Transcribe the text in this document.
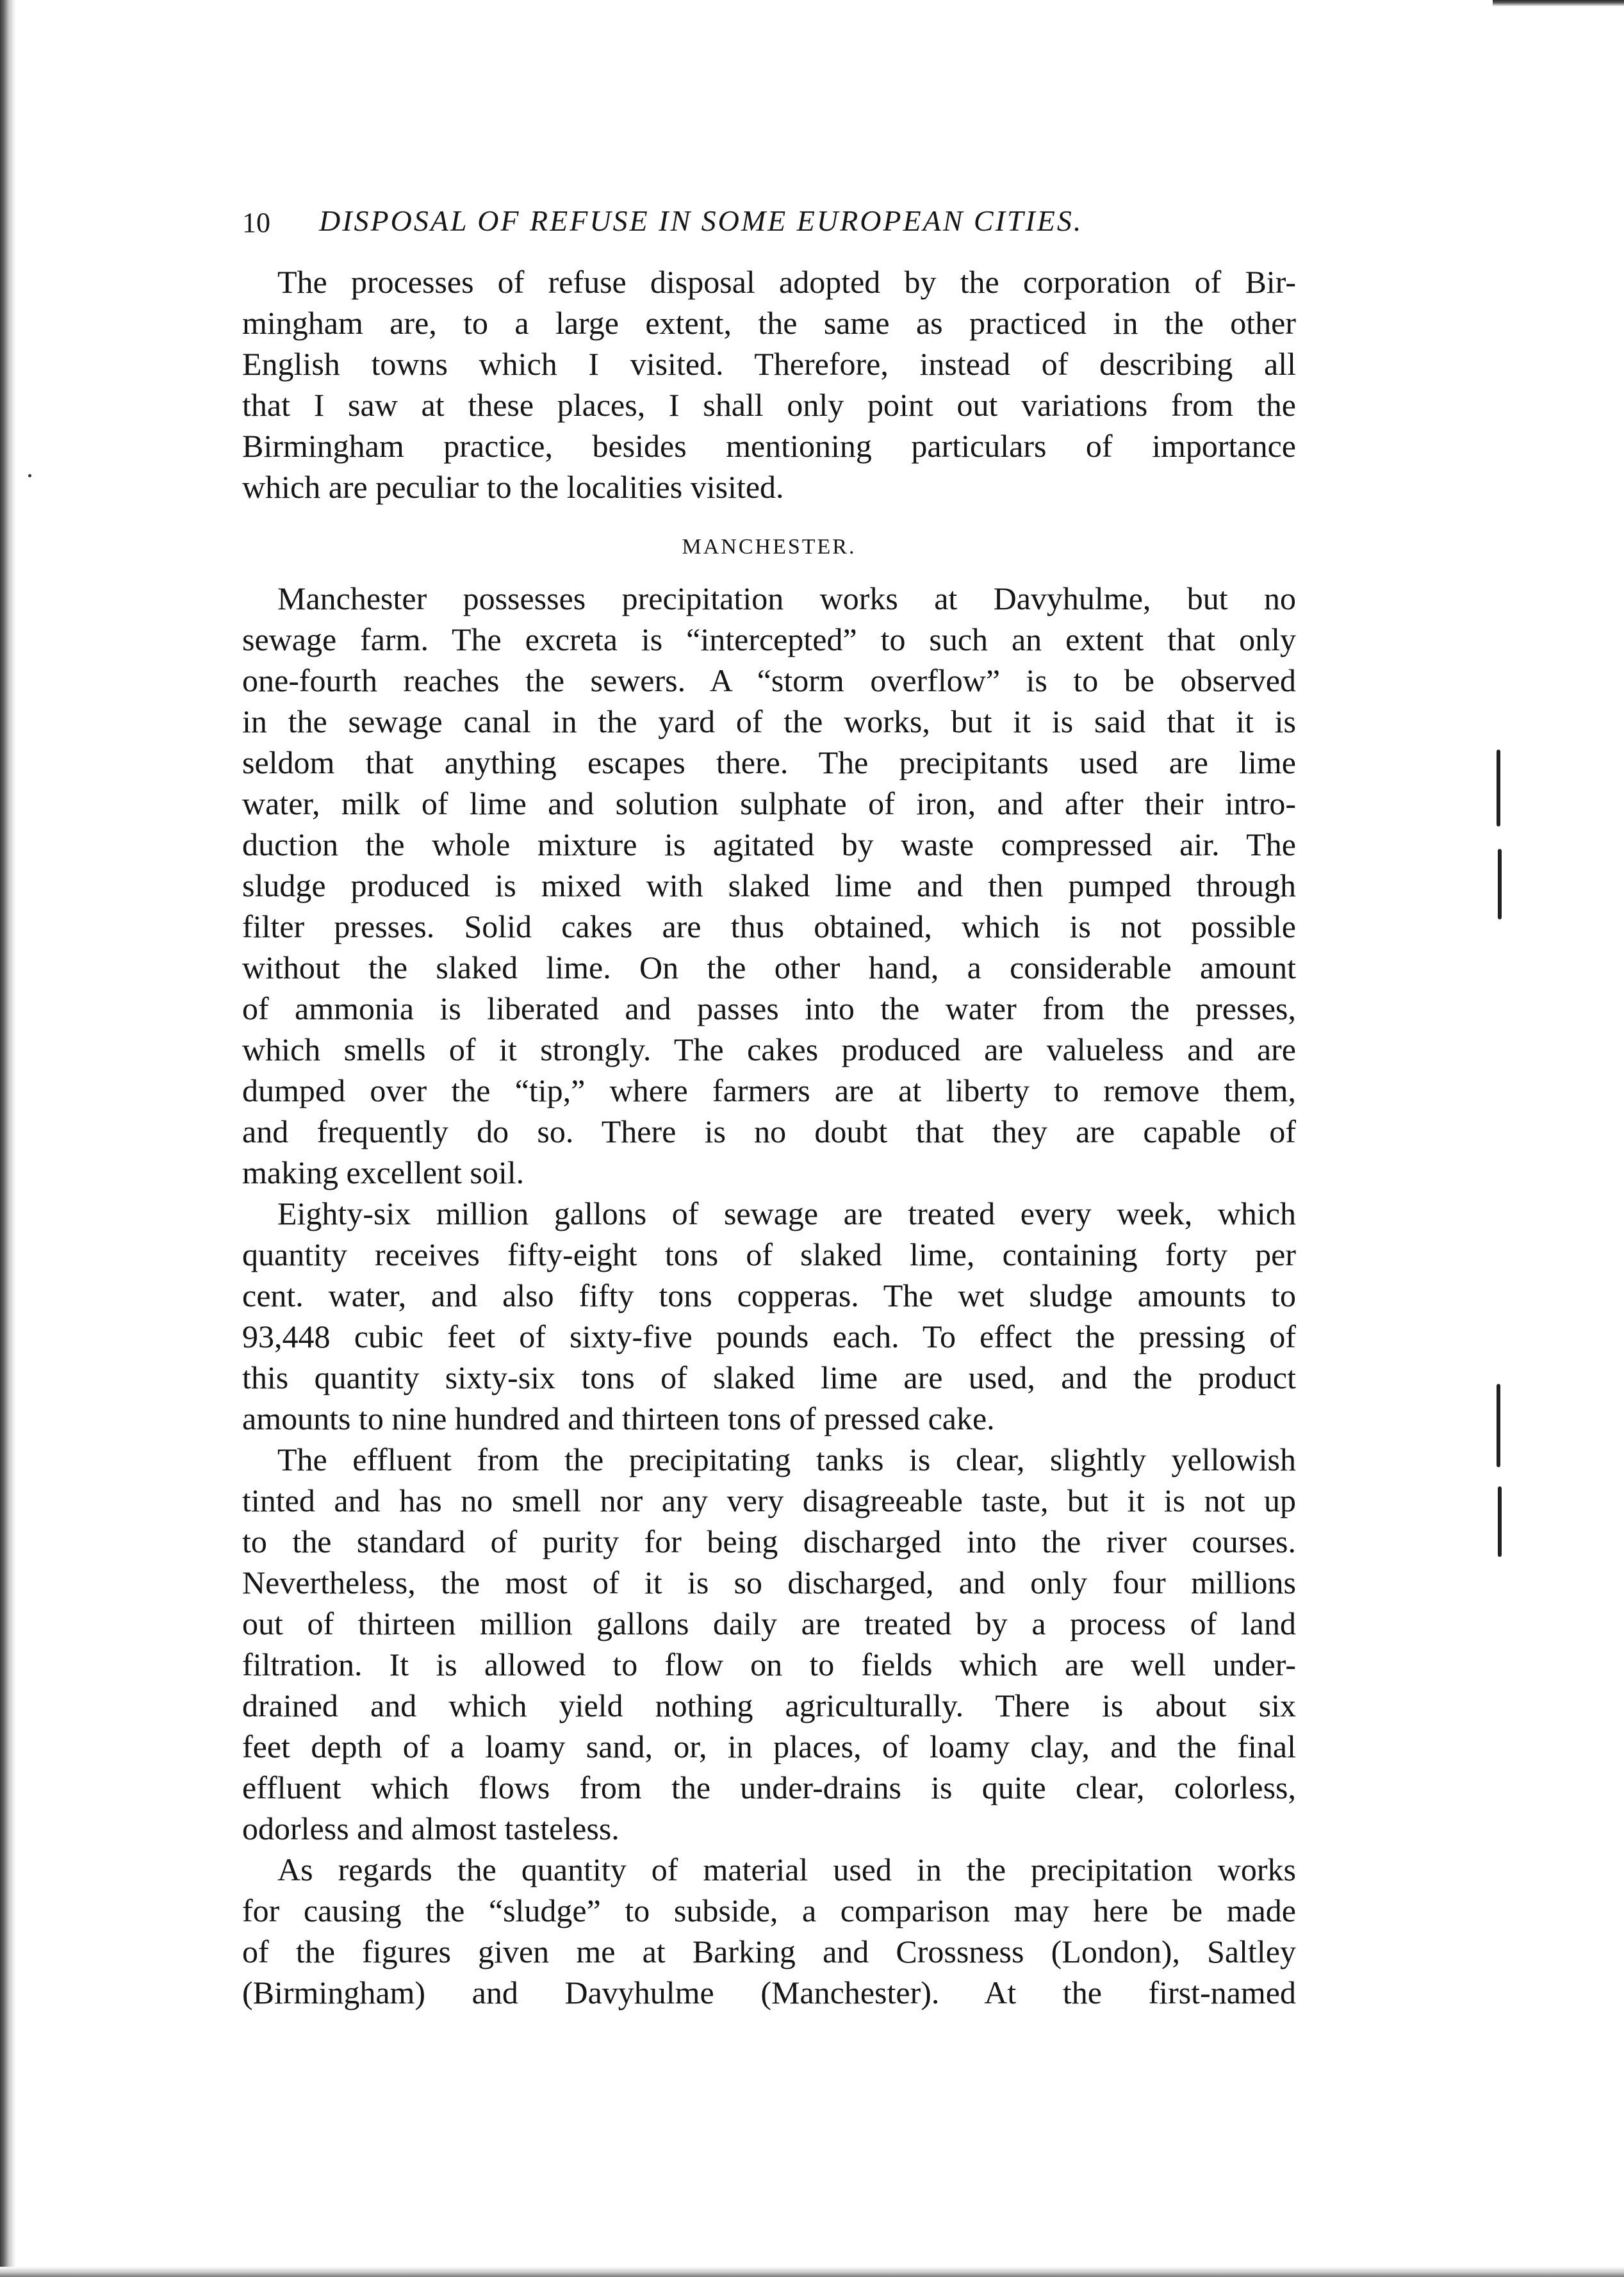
10 DISPOSAL OF REFUSE IN SOME EUROPEAN CITIES.

The processes of refuse disposal adopted by the corporation of Bir-
mingham are, to a large extent, the same as practiced in the other
English towns which I visited. Therefore, instead of describing all
that I saw at these places, I shall only point out variations from the
Birmingham practice, besides mentioning particulars of importance
which are peculiar to the localities visited.

MANCHESTER.

Manchester possesses precipitation works at Davyhulme, but no
sewage farm. The excreta is “intercepted” to such an extent that only
one-fourth reaches the sewers. A “storm overflow” is to be observed
in the sewage canal in the yard of the works, but it is said that it is
seldom that anything escapes there. The precipitants used are lime
water, milk of lime and solution sulphate of iron, and after their intro-
duction the whole mixture is agitated by waste compressed air. The
sludge produced is mixed with slaked lime and then pumped through
filter presses. Solid cakes are thus obtained, which is not possible
without the slaked lime. On the other hand, a considerable amount
of ammonia is liberated and passes into the water from the presses,
which smells of it strongly. The cakes produced are valueless and are
dumped over the “tip,” where farmers are at liberty to remove them,
and frequently do so. There is no doubt that they are capable of
making excellent soil.

Eighty-six million gallons of sewage are treated every week, which
quantity receives fifty-eight tons of slaked lime, containing forty per
cent. water, and also fifty tons copperas. The wet sludge amounts to
93,448 cubic feet of sixty-five pounds each. To effect the pressing of
this quantity sixty-six tons of slaked lime are used, and the product
amounts to nine hundred and thirteen tons of pressed cake.

The effluent from the precipitating tanks is clear, slightly yellowish
tinted and has no smell nor any very disagreeable taste, but it is not up
to the standard of purity for being discharged into the river courses.
Nevertheless, the most of it is so discharged, and only four millions
out of thirteen million gallons daily are treated by a process of land
filtration. It is allowed to flow on to fields which are well under-
drained and which yield nothing agriculturally. There is about six
feet depth of a loamy sand, or, in places, of loamy clay, and the final
effluent which flows from the under-drains is quite clear, colorless,
odorless and almost tasteless.

As regards the quantity of material used in the precipitation works
for causing the “sludge” to subside, a comparison may here be made
of the figures given me at Barking and Crossness (London), Saltley
(Birmingham) and Davyhulme (Manchester). At the first-named
